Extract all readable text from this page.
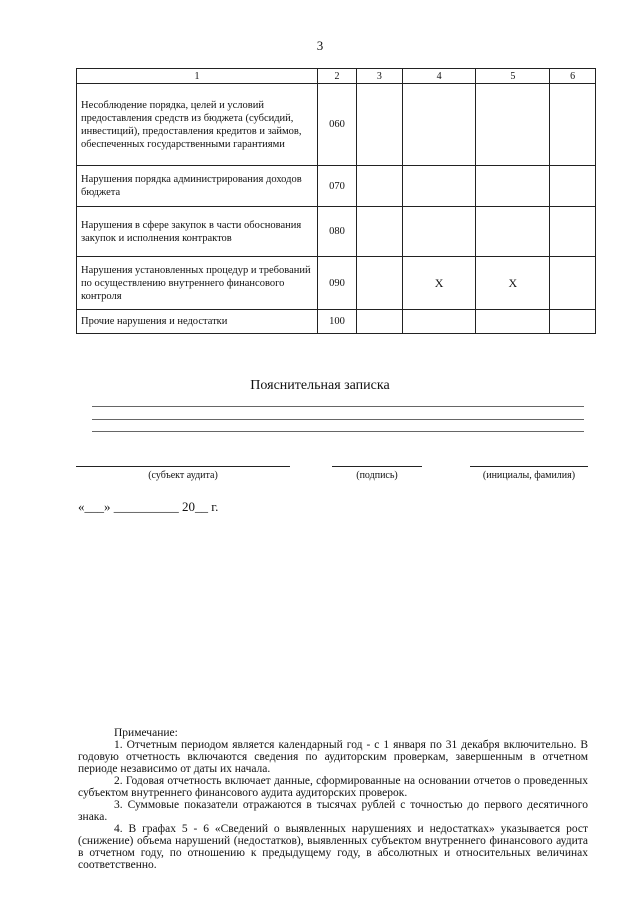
3
1	2	3	4	5	6
Несоблюдение порядка, целей и условий предоставления средств из бюджета (субсидий, инвестиций), предоставления кредитов и займов, обеспеченных государственными гарантиями	060				
Нарушения порядка администрирования доходов бюджета	070				
Нарушения в сфере закупок в части обоснования закупок и исполнения контрактов	080				
Нарушения установленных процедур и требований по осуществлению внутреннего финансового контроля	090		Х	Х	
Прочие нарушения и недостатки	100				
Пояснительная записка
(субъект аудита)	(подпись)	(инициалы, фамилия)
«___» __________ 20__ г.

Примечание:

1. Отчетным периодом является календарный год - с 1 января по 31 декабря включительно. В годовую отчетность включаются сведения по аудиторским проверкам, завершенным в отчетном периоде независимо от даты их начала.

2. Годовая отчетность включает данные, сформированные на основании отчетов о проведенных субъектом внутреннего финансового аудита аудиторских проверок.

3. Суммовые показатели отражаются в тысячах рублей с точностью до первого десятичного знака.

4. В графах 5 - 6 «Сведений о выявленных нарушениях и недостатках» указывается рост (снижение) объема нарушений (недостатков), выявленных субъектом внутреннего финансового аудита в отчетном году, по отношению к предыдущему году, в абсолютных и относительных величинах соответственно.
